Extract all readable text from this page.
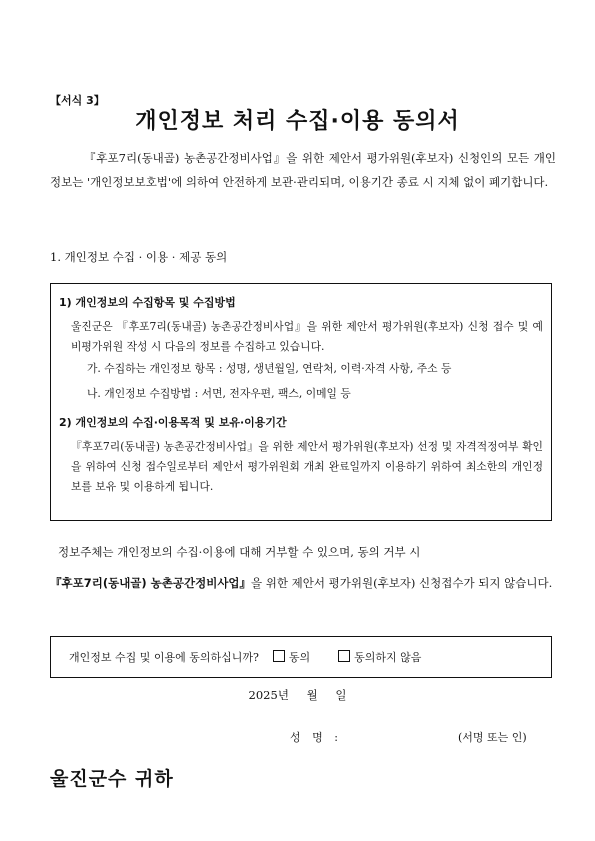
【서식 3】
개인정보 처리 수집·이용 동의서
『후포7리(동내골) 농촌공간정비사업』을 위한 제안서 평가위원(후보자) 신청인의 모든 개인정보는 '개인정보보호법'에 의하여 안전하게 보관·관리되며, 이용기간 종료 시 지체 없이 폐기합니다.
1. 개인정보 수집 · 이용 · 제공 동의
1) 개인정보의 수집항목 및 수집방법
울진군은 『후포7리(동내골) 농촌공간정비사업』을 위한 제안서 평가위원(후보자) 신청 접수 및 예비평가위원 작성 시 다음의 정보를 수집하고 있습니다.
가. 수집하는 개인정보 항목 : 성명, 생년월일, 연락처, 이력·자격 사항, 주소 등
나. 개인정보 수집방법 : 서면, 전자우편, 팩스, 이메일 등
2) 개인정보의 수집·이용목적 및 보유·이용기간
『후포7리(동내골) 농촌공간정비사업』을 위한 제안서 평가위원(후보자) 선정 및 자격적정여부 확인을 위하여 신청 접수일로부터 제안서 평가위원회 개최 완료일까지 이용하기 위하여 최소한의 개인정보를 보유 및 이용하게 됩니다.
정보주체는 개인정보의 수집·이용에 대해 거부할 수 있으며, 동의 거부 시
『후포7리(동내골) 농촌공간정비사업』을 위한 제안서 평가위원(후보자) 신청접수가 되지 않습니다.
개인정보 수집 및 이용에 동의하십니까?	동의	동의하지 않음
2025년 월 일
성 명 :	(서명 또는 인)
울진군수 귀하
